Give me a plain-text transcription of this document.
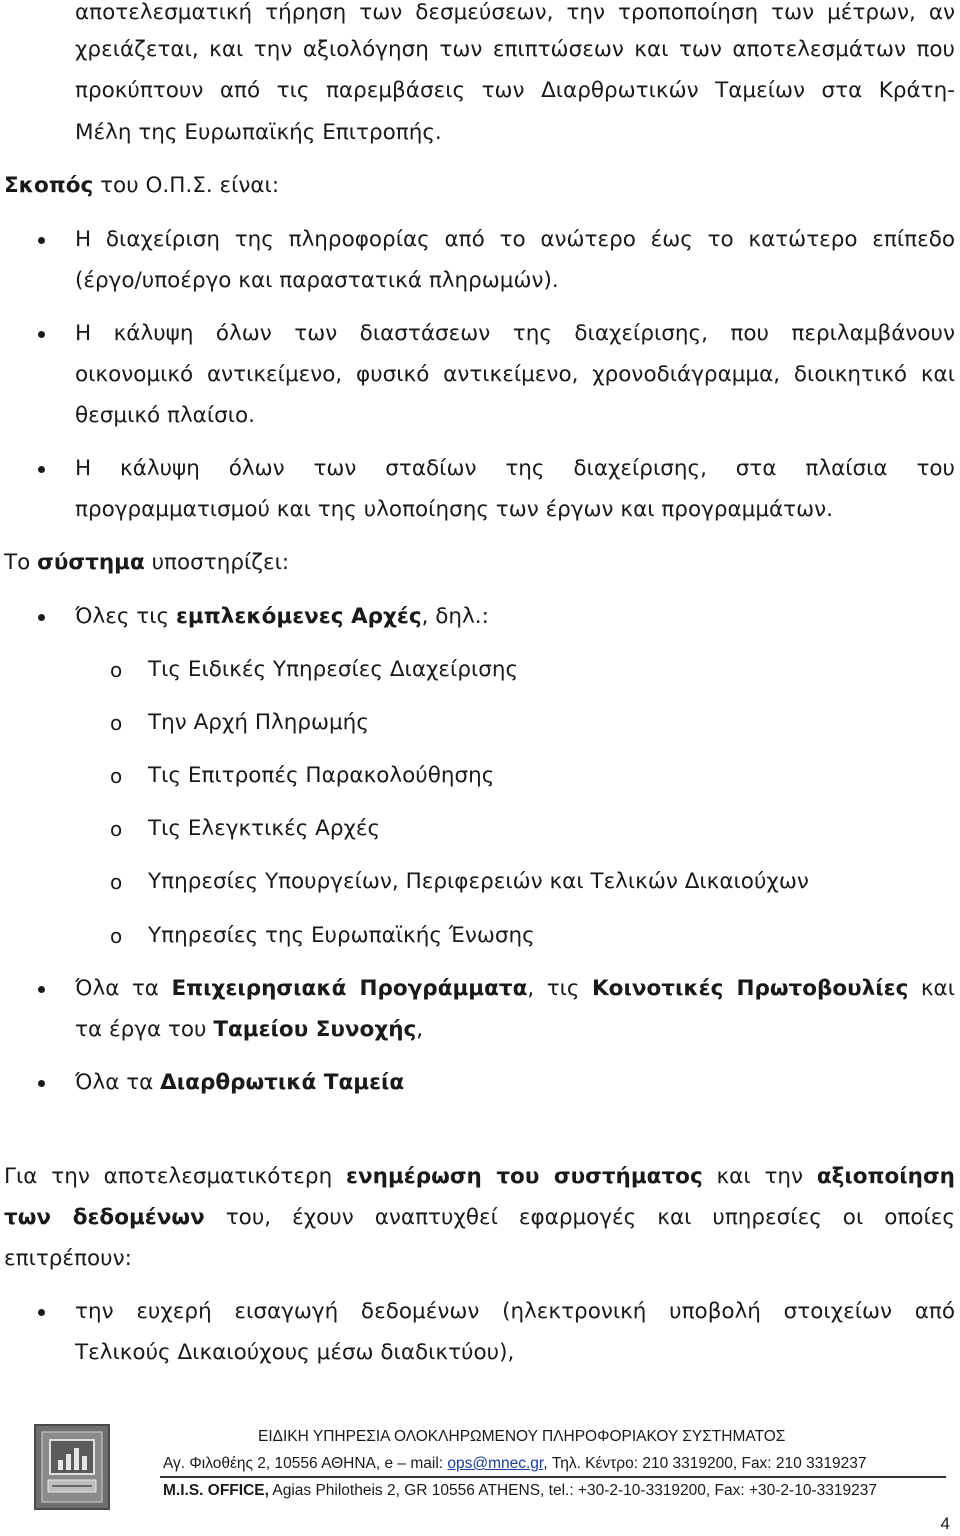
αποτελεσματική τήρηση των δεσμεύσεων, την τροποποίηση των μέτρων, αν
χρειάζεται, και την αξιολόγηση των επιπτώσεων και των αποτελεσμάτων που
προκύπτουν από τις παρεμβάσεις των Διαρθρωτικών Ταμείων στα Κράτη-
Μέλη της Ευρωπαϊκής Επιτροπής.
Σκοπός του Ο.Π.Σ. είναι:
Η διαχείριση της πληροφορίας από το ανώτερο έως το κατώτερο επίπεδο
(έργο/υποέργο και παραστατικά πληρωμών).
Η κάλυψη όλων των διαστάσεων της διαχείρισης, που περιλαμβάνουν
οικονομικό αντικείμενο, φυσικό αντικείμενο, χρονοδιάγραμμα, διοικητικό και
θεσμικό πλαίσιο.
Η κάλυψη όλων των σταδίων της διαχείρισης, στα πλαίσια του
προγραμματισμού και της υλοποίησης των έργων και προγραμμάτων.
Το σύστημα υποστηρίζει:
Όλες τις εμπλεκόμενες Αρχές, δηλ.:
o Τις Ειδικές Υπηρεσίες Διαχείρισης
o Την Αρχή Πληρωμής
o Τις Επιτροπές Παρακολούθησης
o Τις Ελεγκτικές Αρχές
o Υπηρεσίες Υπουργείων, Περιφερειών και Τελικών Δικαιούχων
o Υπηρεσίες της Ευρωπαϊκής Ένωσης
Όλα τα Επιχειρησιακά Προγράμματα, τις Κοινοτικές Πρωτοβουλίες και
τα έργα του Ταμείου Συνοχής,
Όλα τα Διαρθρωτικά Ταμεία
Για την αποτελεσματικότερη ενημέρωση του συστήματος και την αξιοποίηση
των δεδομένων του, έχουν αναπτυχθεί εφαρμογές και υπηρεσίες οι οποίες
επιτρέπουν:
την ευχερή εισαγωγή δεδομένων (ηλεκτρονική υποβολή στοιχείων από
Τελικούς Δικαιούχους μέσω διαδικτύου),
ΕΙΔΙΚΗ ΥΠΗΡΕΣΙΑ ΟΛΟΚΛΗΡΩΜΕΝΟΥ ΠΛΗΡΟΦΟΡΙΑΚΟΥ ΣΥΣΤΗΜΑΤΟΣ
Αγ. Φιλοθέης 2, 10556 ΑΘΗΝΑ, e – mail: ops@mnec.gr, Τηλ. Κέντρο: 210 3319200, Fax: 210 3319237
M.I.S. OFFICE, Agias Philotheis 2, GR 10556 ATHENS, tel.: +30-2-10-3319200, Fax: +30-2-10-3319237
4
